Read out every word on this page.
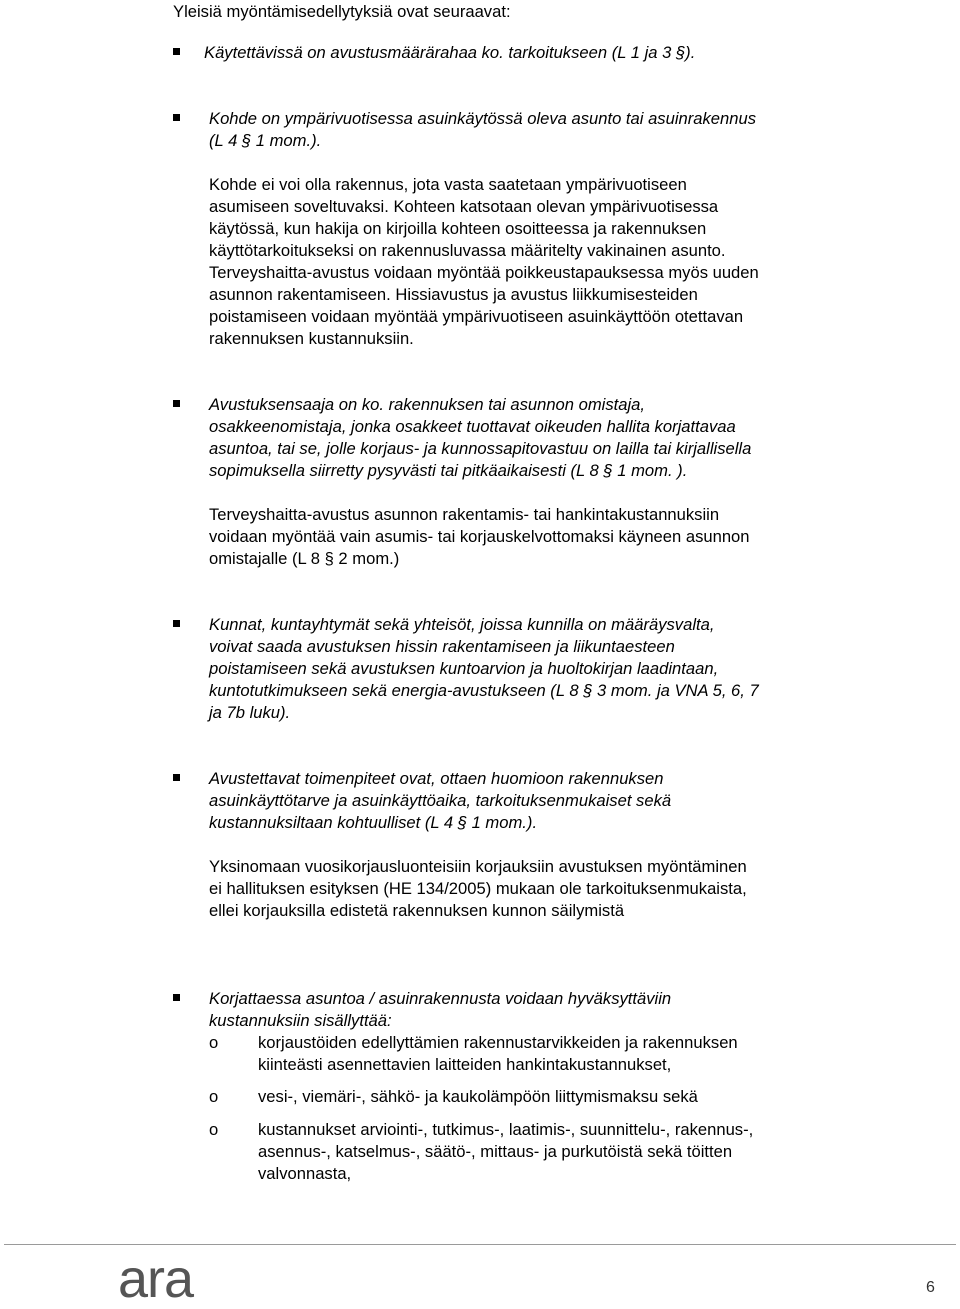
Yleisiä myöntämisedellytyksiä ovat seuraavat:
Käytettävissä on avustusmäärärahaa ko. tarkoitukseen (L 1 ja 3 §).
Kohde on ympärivuotisessa asuinkäytössä oleva asunto tai asuinrakennus
(L 4 § 1 mom.).
Kohde ei voi olla rakennus, jota vasta saatetaan ympärivuotiseen
asumiseen soveltuvaksi. Kohteen katsotaan olevan ympärivuotisessa
käytössä, kun hakija on kirjoilla kohteen osoitteessa ja rakennuksen
käyttötarkoitukseksi on rakennusluvassa määritelty vakinainen asunto.
Terveyshaitta-avustus voidaan myöntää poikkeustapauksessa myös uuden
asunnon rakentamiseen. Hissiavustus ja avustus liikkumisesteiden
poistamiseen voidaan myöntää ympärivuotiseen asuinkäyttöön otettavan
rakennuksen kustannuksiin.
Avustuksensaaja on ko. rakennuksen tai asunnon omistaja,
osakkeenomistaja, jonka osakkeet tuottavat oikeuden hallita korjattavaa
asuntoa, tai se, jolle korjaus- ja kunnossapitovastuu on lailla tai kirjallisella
sopimuksella siirretty pysyvästi tai pitkäaikaisesti (L 8 § 1 mom. ).
Terveyshaitta-avustus asunnon rakentamis- tai hankintakustannuksiin
voidaan myöntää vain asumis- tai korjauskelvottomaksi käyneen asunnon
omistajalle (L 8 § 2 mom.)
Kunnat, kuntayhtymät sekä yhteisöt, joissa kunnilla on määräysvalta,
voivat saada avustuksen hissin rakentamiseen ja liikuntaesteen
poistamiseen sekä avustuksen kuntoarvion ja huoltokirjan laadintaan,
kuntotutkimukseen sekä energia-avustukseen (L 8 § 3 mom. ja VNA 5, 6, 7
ja 7b luku).
Avustettavat toimenpiteet ovat, ottaen huomioon rakennuksen
asuinkäyttötarve ja asuinkäyttöaika, tarkoituksenmukaiset sekä
kustannuksiltaan kohtuulliset (L 4 § 1 mom.).
Yksinomaan vuosikorjausluonteisiin korjauksiin avustuksen myöntäminen
ei hallituksen esityksen (HE 134/2005) mukaan ole tarkoituksenmukaista,
ellei korjauksilla edistetä rakennuksen kunnon säilymistä
Korjattaessa asuntoa / asuinrakennusta voidaan hyväksyttäviin
kustannuksiin sisällyttää:
o korjaustöiden edellyttämien rakennustarvikkeiden ja rakennuksen
kiinteästi asennettavien laitteiden hankintakustannukset,
o vesi-, viemäri-, sähkö- ja kaukolämpöön liittymismaksu sekä
o kustannukset arviointi-, tutkimus-, laatimis-, suunnittelu-, rakennus-,
asennus-, katselmus-, säätö-, mittaus- ja purkutöistä sekä töitten
valvonnasta,
ara	6
